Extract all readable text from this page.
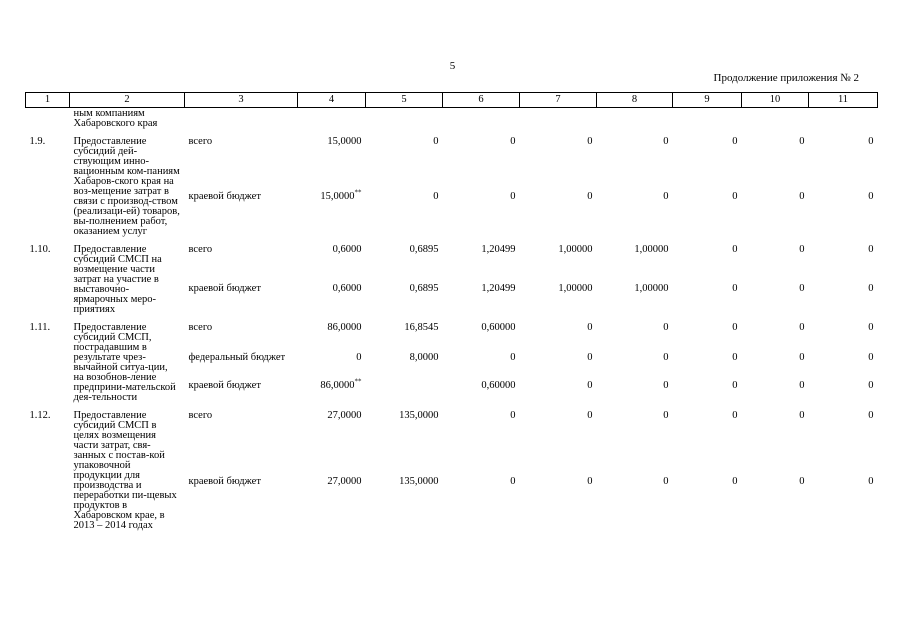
5
Продолжение приложения № 2
1	2	3	4	5	6	7	8	9	10	11
	ным компаниям Хабаровского края									
1.9.	Предоставление субсидий дей-ствующим инно-вационным ком-паниям Хабаров-ского края на воз-мещение затрат в связи с производ-ством (реализаци-ей) товаров, вы-полнением работ, оказанием услуг	всего	15,0000	0	0	0	0	0	0	0
		краевой бюджет	15,0000**	0	0	0	0	0	0	0
1.10.	Предоставление субсидий СМСП на возмещение части затрат на участие в выставочно-ярмарочных меро-приятиях	всего	0,6000	0,6895	1,20499	1,00000	1,00000	0	0	0
		краевой бюджет	0,6000	0,6895	1,20499	1,00000	1,00000	0	0	0
1.11.	Предоставление субсидий СМСП, пострадавшим в результате чрез-вычайной ситуа-ции, на возобнов-ление предприни-мательской дея-тельности	всего	86,0000	16,8545	0,60000	0	0	0	0	0
		федеральный бюджет	0	8,0000	0	0	0	0	0	0
		краевой бюджет	86,0000**		0,60000	0	0	0	0	0
1.12.	Предоставление субсидий СМСП в целях возмещения части затрат, свя-занных с постав-кой упаковочной продукции для производства и переработки пи-щевых продуктов в Хабаровском крае, в 2013 – 2014 годах	всего	27,0000	135,0000	0	0	0	0	0	0
		краевой бюджет	27,0000	135,0000	0	0	0	0	0	0
